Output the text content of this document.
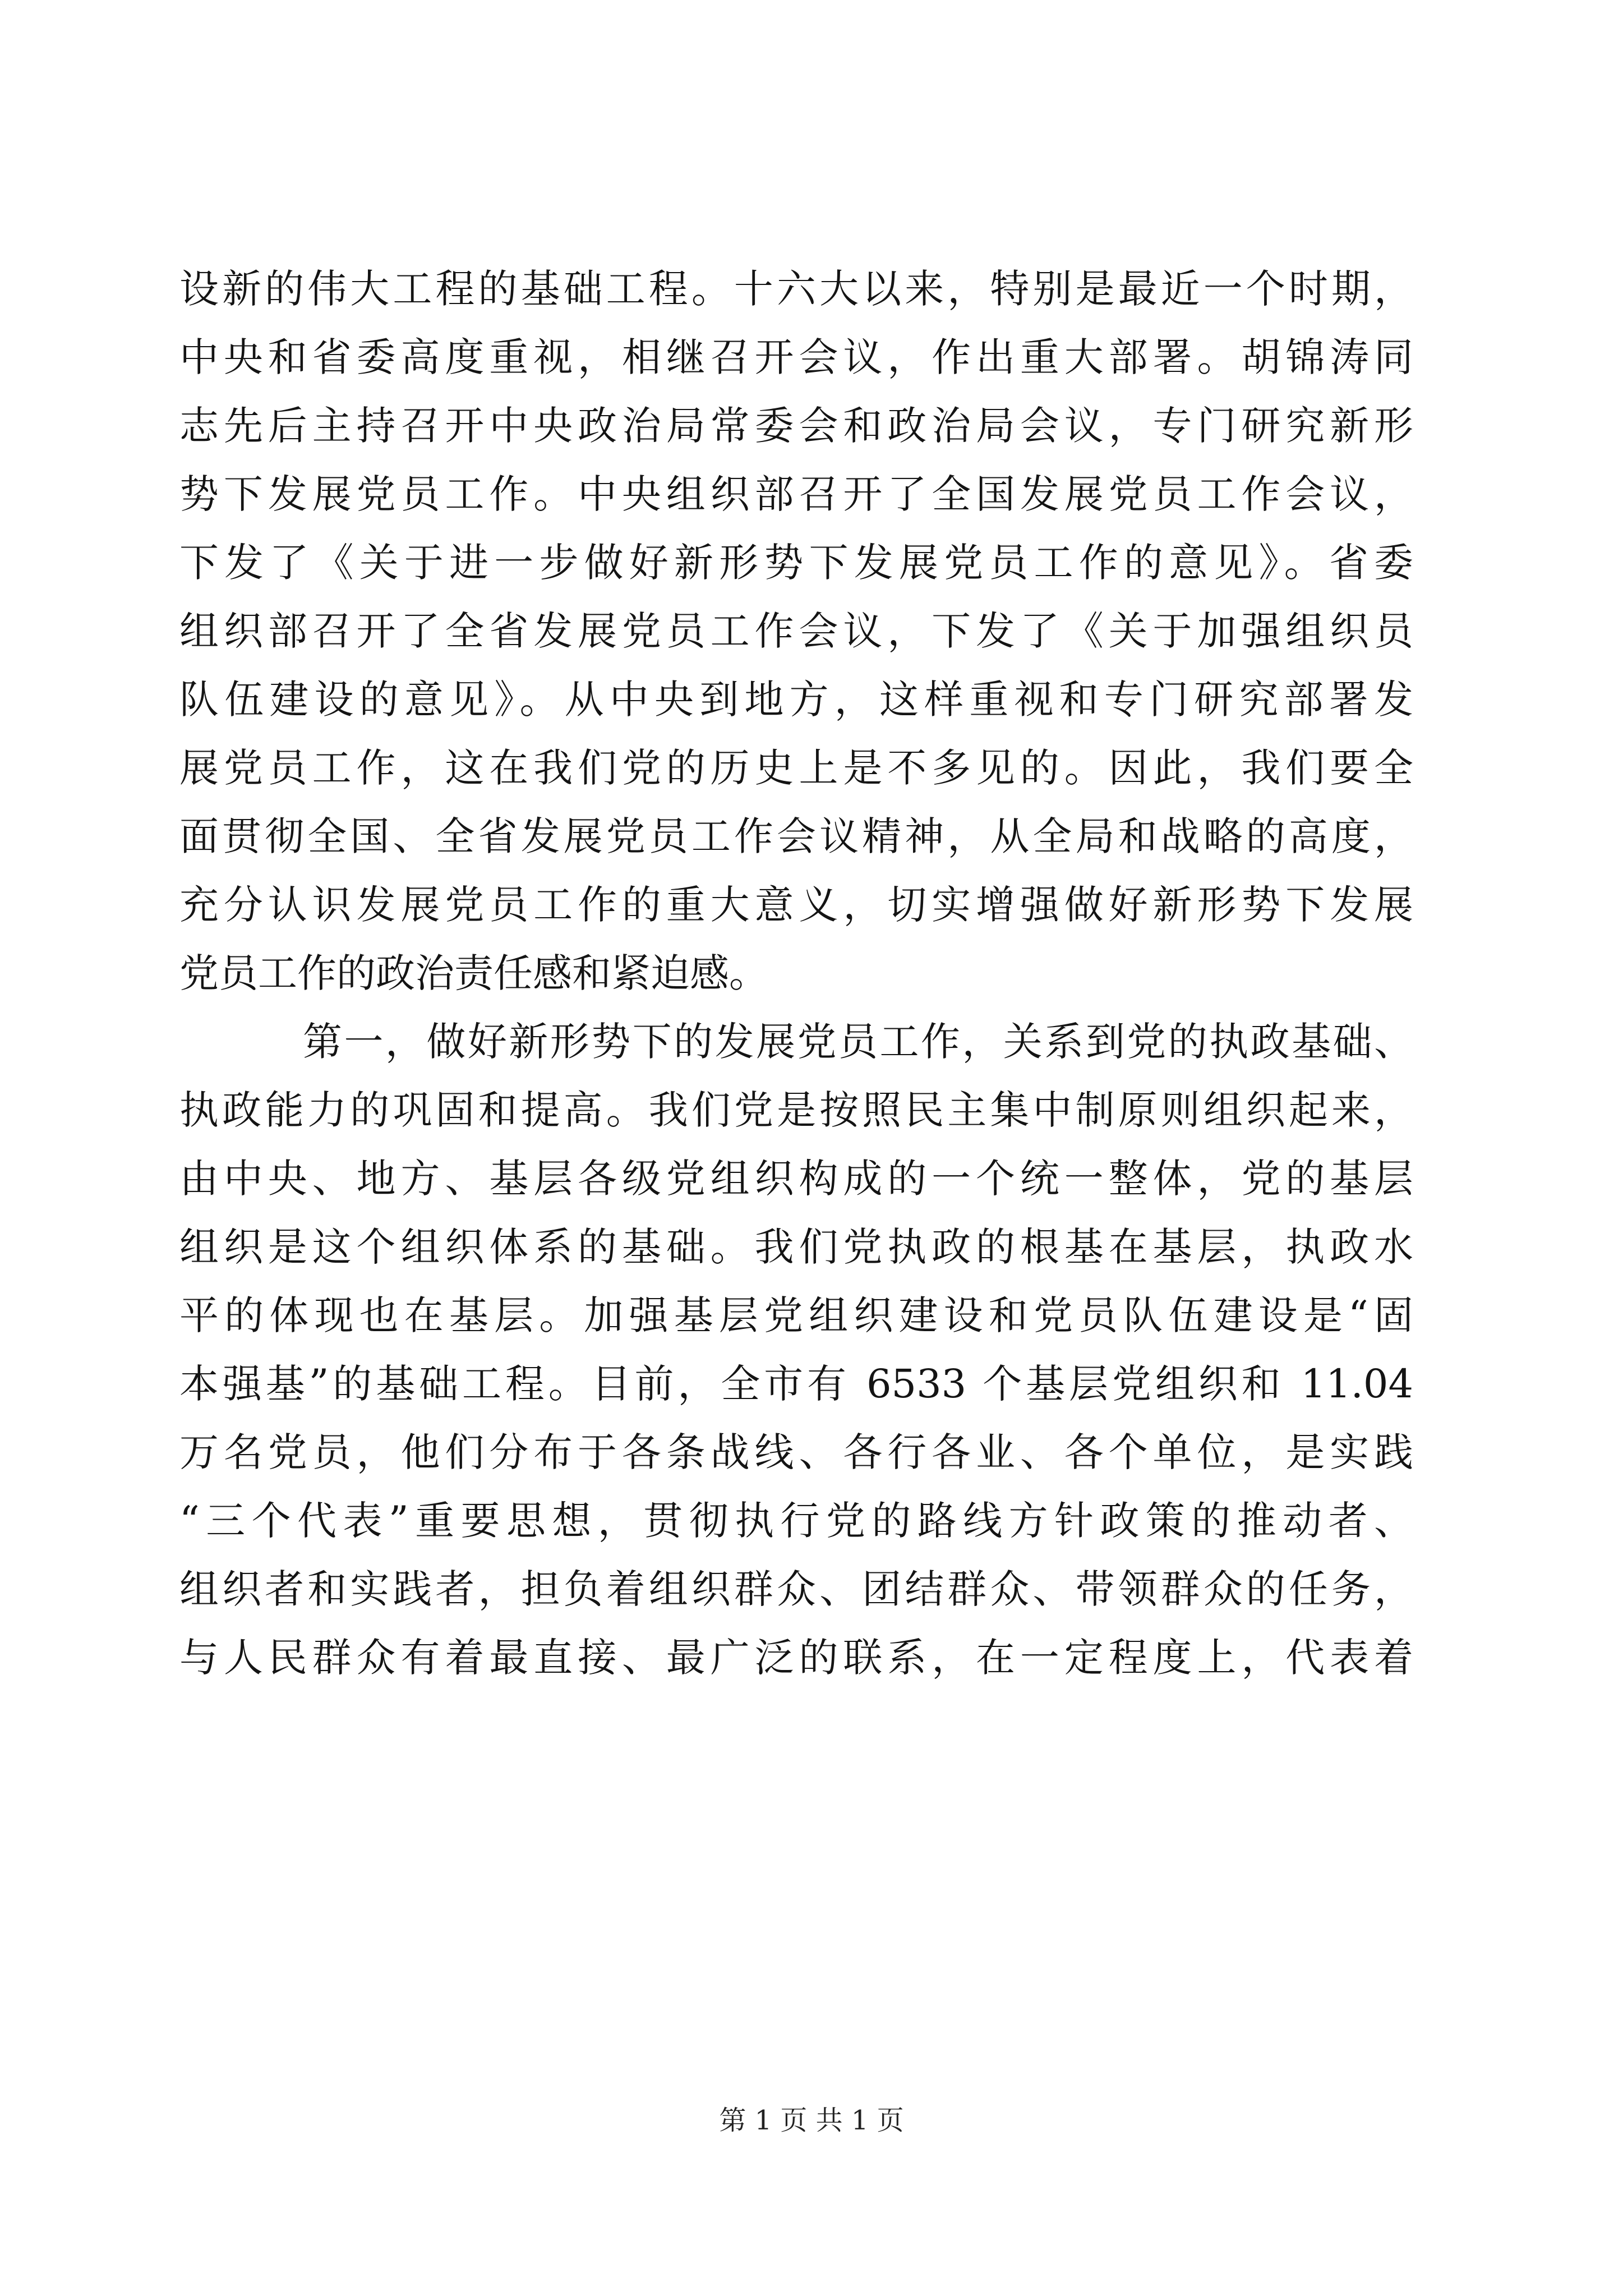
设新的伟大工程的基础工程。十六大以来，特别是最近一个时期，
中央和省委高度重视，相继召开会议，作出重大部署。胡锦涛同
志先后主持召开中央政治局常委会和政治局会议，专门研究新形
势下发展党员工作。中央组织部召开了全国发展党员工作会议，
下发了《关于进一步做好新形势下发展党员工作的意见》。省委
组织部召开了全省发展党员工作会议，下发了《关于加强组织员
队伍建设的意见》。从中央到地方，这样重视和专门研究部署发
展党员工作，这在我们党的历史上是不多见的。因此，我们要全
面贯彻全国、全省发展党员工作会议精神，从全局和战略的高度，
充分认识发展党员工作的重大意义，切实增强做好新形势下发展
党员工作的政治责任感和紧迫感。
第一，做好新形势下的发展党员工作，关系到党的执政基础、
执政能力的巩固和提高。我们党是按照民主集中制原则组织起来，
由中央、地方、基层各级党组织构成的一个统一整体，党的基层
组织是这个组织体系的基础。我们党执政的根基在基层，执政水
平的体现也在基层。加强基层党组织建设和党员队伍建设是“固
本强基”的基础工程。目前，全市有 6533 个基层党组织和 11.04
万名党员，他们分布于各条战线、各行各业、各个单位，是实践
“三个代表”重要思想，贯彻执行党的路线方针政策的推动者、
组织者和实践者，担负着组织群众、团结群众、带领群众的任务，
与人民群众有着最直接、最广泛的联系，在一定程度上，代表着
第 1 页 共 1 页
